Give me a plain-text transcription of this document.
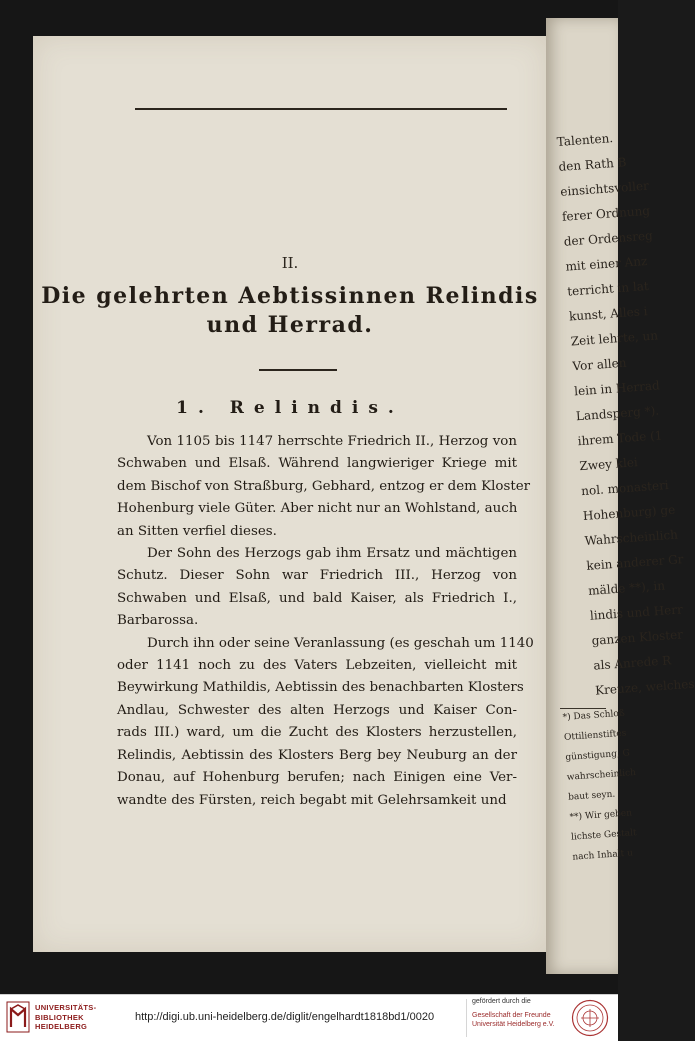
II.
Die gelehrten Aebtissinnen Relindis
und Herrad.
1. Relindis.
Von 1105 bis 1147 herrschte Friedrich II., Herzog von
Schwaben und Elsaß. Während langwieriger Kriege mit
dem Bischof von Straßburg, Gebhard, entzog er dem Kloster
Hohenburg viele Güter. Aber nicht nur an Wohlstand, auch
an Sitten verfiel dieses.
Der Sohn des Herzogs gab ihm Ersatz und mächtigen
Schutz. Dieser Sohn war Friedrich III., Herzog von
Schwaben und Elsaß, und bald Kaiser, als Friedrich I.,
Barbarossa.
Durch ihn oder seine Veranlassung (es geschah um 1140
oder 1141 noch zu des Vaters Lebzeiten, vielleicht mit
Beywirkung Mathildis, Aebtissin des benachbarten Klosters
Andlau, Schwester des alten Herzogs und Kaiser Con-
rads III.) ward, um die Zucht des Klosters herzustellen,
Relindis, Aebtissin des Klosters Berg bey Neuburg an der
Donau, auf Hohenburg berufen; nach Einigen eine Ver-
wandte des Fürsten, reich begabt mit Gelehrsamkeit und
Talenten.
den Rath B
einsichtsvoller
ferer Ordnung
der Ordensreg
mit einer Anz
terricht in lat
kunst, Alles i
Zeit lehrte, un
Vor allen
lein in Herrad
Landsperg *).
ihrem Tode (1
Zwey klei
nol. monasteri
Hohenburg) ge
Wahrscheinlich
kein anderer Gr
mälde **), in
lindis und Herr
ganzen Kloster
als Anrede R
Kreuze, welches
*) Das Schloß
Ottilienstiftes
günstigung, G
wahrscheinlich
baut seyn.
**) Wir geben
lichste Gestalt
nach Inhalt u
UNIVERSITÄTS-
BIBLIOTHEK
HEIDELBERG
http://digi.ub.uni-heidelberg.de/diglit/engelhardt1818bd1/0020
gefördert durch die
Gesellschaft der Freunde
Universität Heidelberg e.V.
